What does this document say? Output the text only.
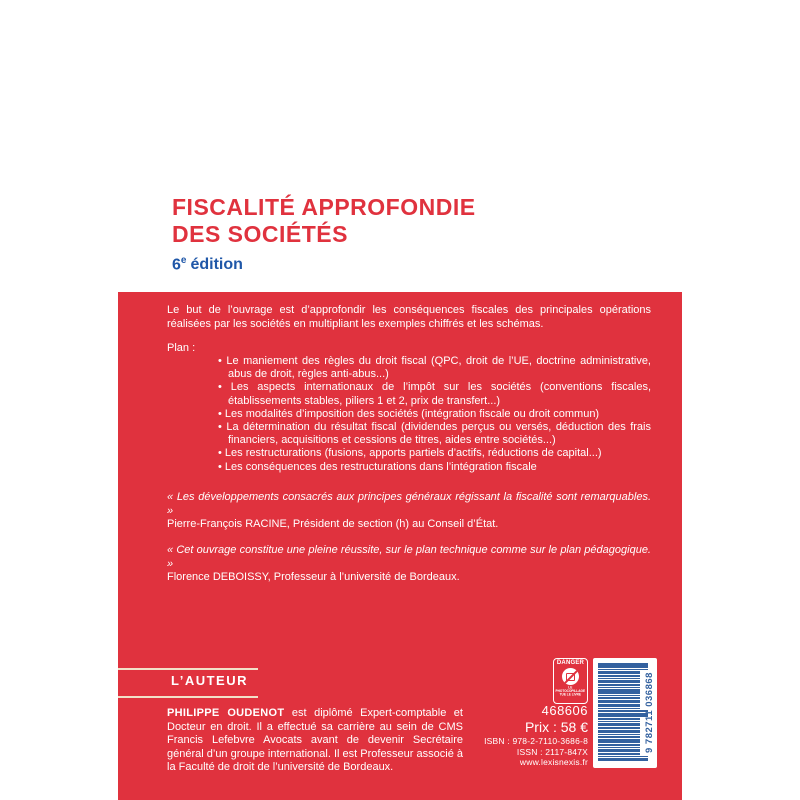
FISCALITÉ APPROFONDIE
DES SOCIÉTÉS
6e édition

Le but de l’ouvrage est d’approfondir les conséquences fiscales des principales opérations réalisées par les sociétés en multipliant les exemples chiffrés et les schémas.

Plan :
• Le maniement des règles du droit fiscal (QPC, droit de l’UE, doctrine administrative, abus de droit, règles anti-abus...)
• Les aspects internationaux de l’impôt sur les sociétés (conventions fiscales, établissements stables, piliers 1 et 2, prix de transfert...)
• Les modalités d’imposition des sociétés (intégration fiscale ou droit commun)
• La détermination du résultat fiscal (dividendes perçus ou versés, déduction des frais financiers, acquisitions et cessions de titres, aides entre sociétés...)
• Les restructurations (fusions, apports partiels d’actifs, réductions de capital...)
• Les conséquences des restructurations dans l’intégration fiscale
« Les développements consacrés aux principes généraux régissant la fiscalité sont remarquables. »
Pierre-François RACINE, Président de section (h) au Conseil d’État.
« Cet ouvrage constitue une pleine réussite, sur le plan technique comme sur le plan pédagogique. »
Florence DEBOISSY, Professeur à l’université de Bordeaux.
L’AUTEUR

PHILIPPE OUDENOT est diplômé Expert-comptable et Docteur en droit. Il a effectué sa carrière au sein de CMS Francis Lefebvre Avocats avant de devenir Secrétaire général d’un groupe international. Il est Professeur associé à la Faculté de droit de l’université de Bordeaux.

DANGER
LE
PHOTOCOPILLAGE
TUE LE LIVRE	9 782711 036868
468606
Prix : 58 €
ISBN : 978-2-7110-3686-8
ISSN : 2117-847X
www.lexisnexis.fr
